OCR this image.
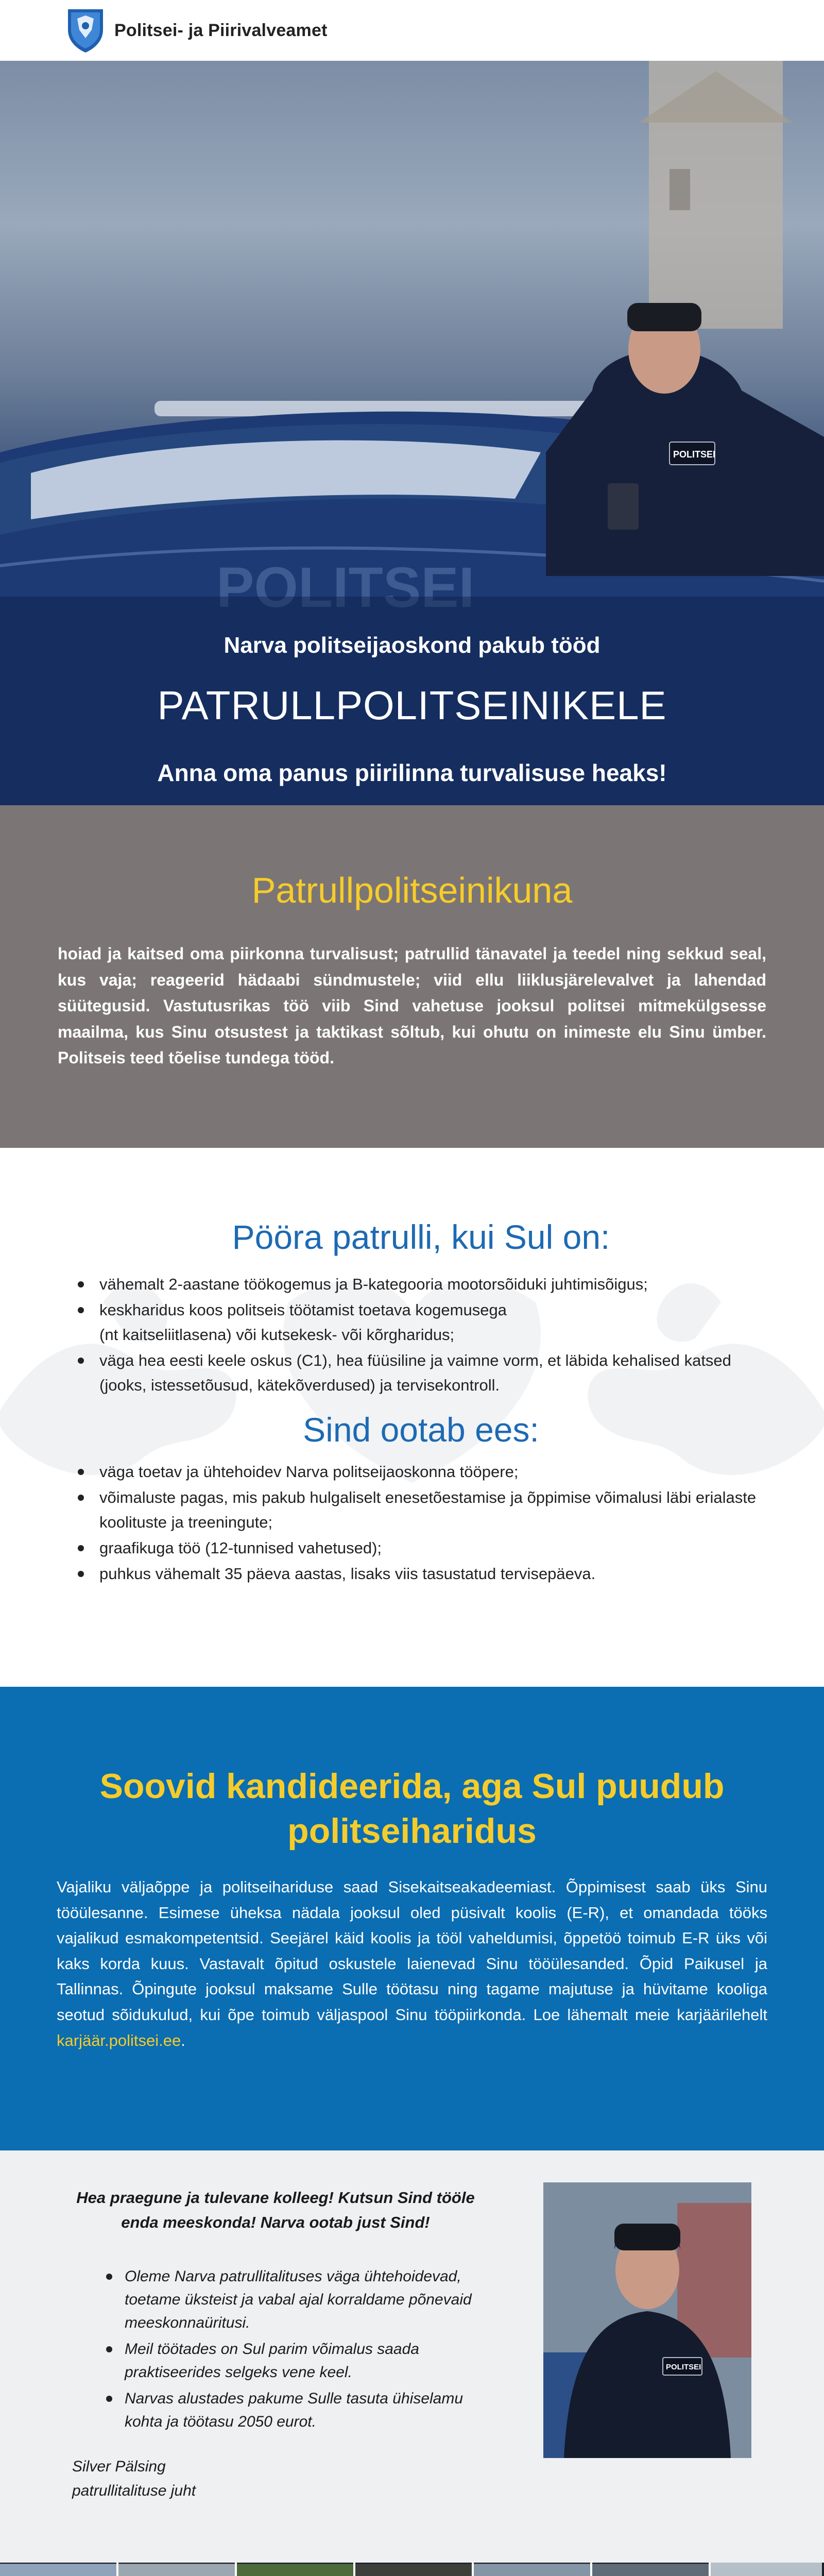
Politsei- ja Piirivalveamet
POLITSEI
POLITSEI
Narva politseijaoskond pakub tööd
PATRULLPOLITSEINIKELE
Anna oma panus piirilinna turvalisuse heaks!
Patrullpolitseinikuna

hoiad ja kaitsed oma piirkonna turvalisust; patrullid tänavatel ja teedel ning sekkud seal, kus vaja; reageerid hädaabi sündmustele; viid ellu liiklusjärelevalvet ja lahendad süütegusid. Vastutusrikas töö viib Sind vahetuse jooksul politsei mitmekülgsesse maailma, kus Sinu otsustest ja taktikast sõltub, kui ohutu on inimeste elu Sinu ümber. Politseis teed tõelise tundega tööd.

Pööra patrulli, kui Sul on:
vähemalt 2-aastane töökogemus ja B-kategooria mootorsõiduki juhtimisõigus;
keskharidus koos politseis töötamist toetava kogemusega
(nt kaitseliitlasena) või kutsekesk- või kõrgharidus;
väga hea eesti keele oskus (C1), hea füüsiline ja vaimne vorm, et läbida kehalised katsed (jooks, istessetõusud, kätekõverdused) ja tervisekontroll.
Sind ootab ees:
väga toetav ja ühtehoidev Narva politseijaoskonna tööpere;
võimaluste pagas, mis pakub hulgaliselt enesetõestamise ja õppimise võimalusi läbi erialaste koolituste ja treeningute;
graafikuga töö (12-tunnised vahetused);
puhkus vähemalt 35 päeva aastas, lisaks viis tasustatud tervisepäeva.
Soovid kandideerida, aga Sul puudub politseiharidus

Vajaliku väljaõppe ja politseihariduse saad Sisekaitseakadeemiast. Õppimisest saab üks Sinu tööülesanne. Esimese üheksa nädala jooksul oled püsivalt koolis (E-R), et omandada tööks vajalikud esmakompetentsid. Seejärel käid koolis ja tööl vaheldumisi, õppetöö toimub E-R üks või kaks korda kuus. Vastavalt õpitud oskustele laienevad Sinu tööülesanded. Õpid Paikusel ja Tallinnas. Õpingute jooksul maksame Sulle töötasu ning tagame majutuse ja hüvitame kooliga seotud sõidukulud, kui õpe toimub väljaspool Sinu tööpiirkonda. Loe lähemalt meie karjäärilehelt karjäär.politsei.ee.

Hea praegune ja tulevane kolleeg! Kutsun Sind tööle enda meeskonda! Narva ootab just Sind!

Oleme Narva patrullitalituses väga ühtehoidevad, toetame üksteist ja vabal ajal korraldame põnevaid meeskonnaüritusi.
Meil töötades on Sul parim võimalus saada praktiseerides selgeks vene keel.
Narvas alustades pakume Sulle tasuta ühiselamu kohta ja töötasu 2050 eurot.
Silver Pälsing
patrullitalituse juht
POLITSEI
